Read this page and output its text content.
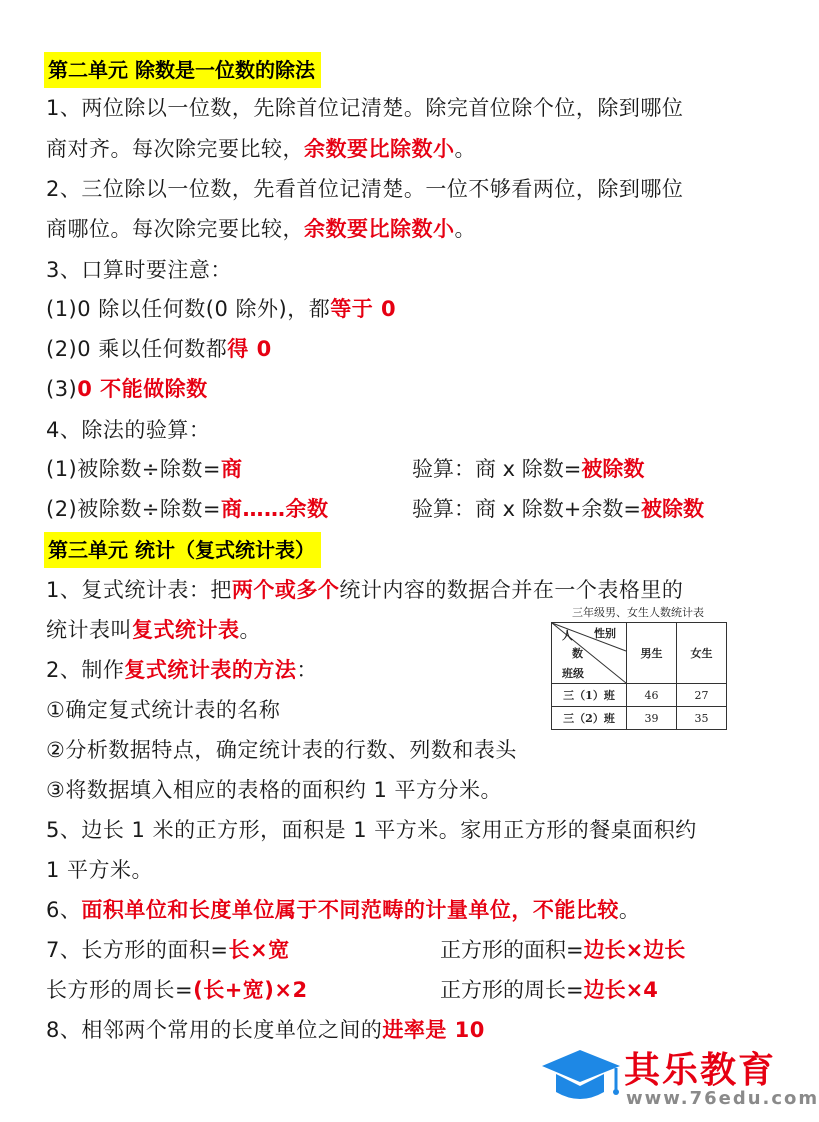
第二单元 除数是一位数的除法
1、两位除以一位数，先除首位记清楚。除完首位除个位，除到哪位
商对齐。每次除完要比较，余数要比除数小。
2、三位除以一位数，先看首位记清楚。一位不够看两位，除到哪位
商哪位。每次除完要比较，余数要比除数小。
3、口算时要注意：
(1)0 除以任何数(0 除外)，都等于 0
(2)0 乘以任何数都得 0
(3)0 不能做除数
4、除法的验算：
(1)被除数÷除数=商	验算：商 x 除数=被除数
(2)被除数÷除数=商……余数	验算：商 x 除数+余数=被除数
第三单元 统计（复式统计表）
1、复式统计表：把两个或多个统计内容的数据合并在一个表格里的
统计表叫复式统计表。
2、制作复式统计表的方法：
①确定复式统计表的名称
②分析数据特点，确定统计表的行数、列数和表头
③将数据填入相应的表格的面积约 1 平方分米。
5、边长 1 米的正方形，面积是 1 平方米。家用正方形的餐桌面积约
1 平方米。
6、面积单位和长度单位属于不同范畴的计量单位，不能比较。
7、长方形的面积=长×宽	正方形的面积=边长×边长
长方形的周长=(长+宽)×2	正方形的周长=边长×4
8、相邻两个常用的长度单位之间的进率是 10
三年级男、女生人数统计表
性别
人
数
班级	男生	女生
三（1）班	46	27
三（2）班	39	35
其乐教育
www.76edu.com
